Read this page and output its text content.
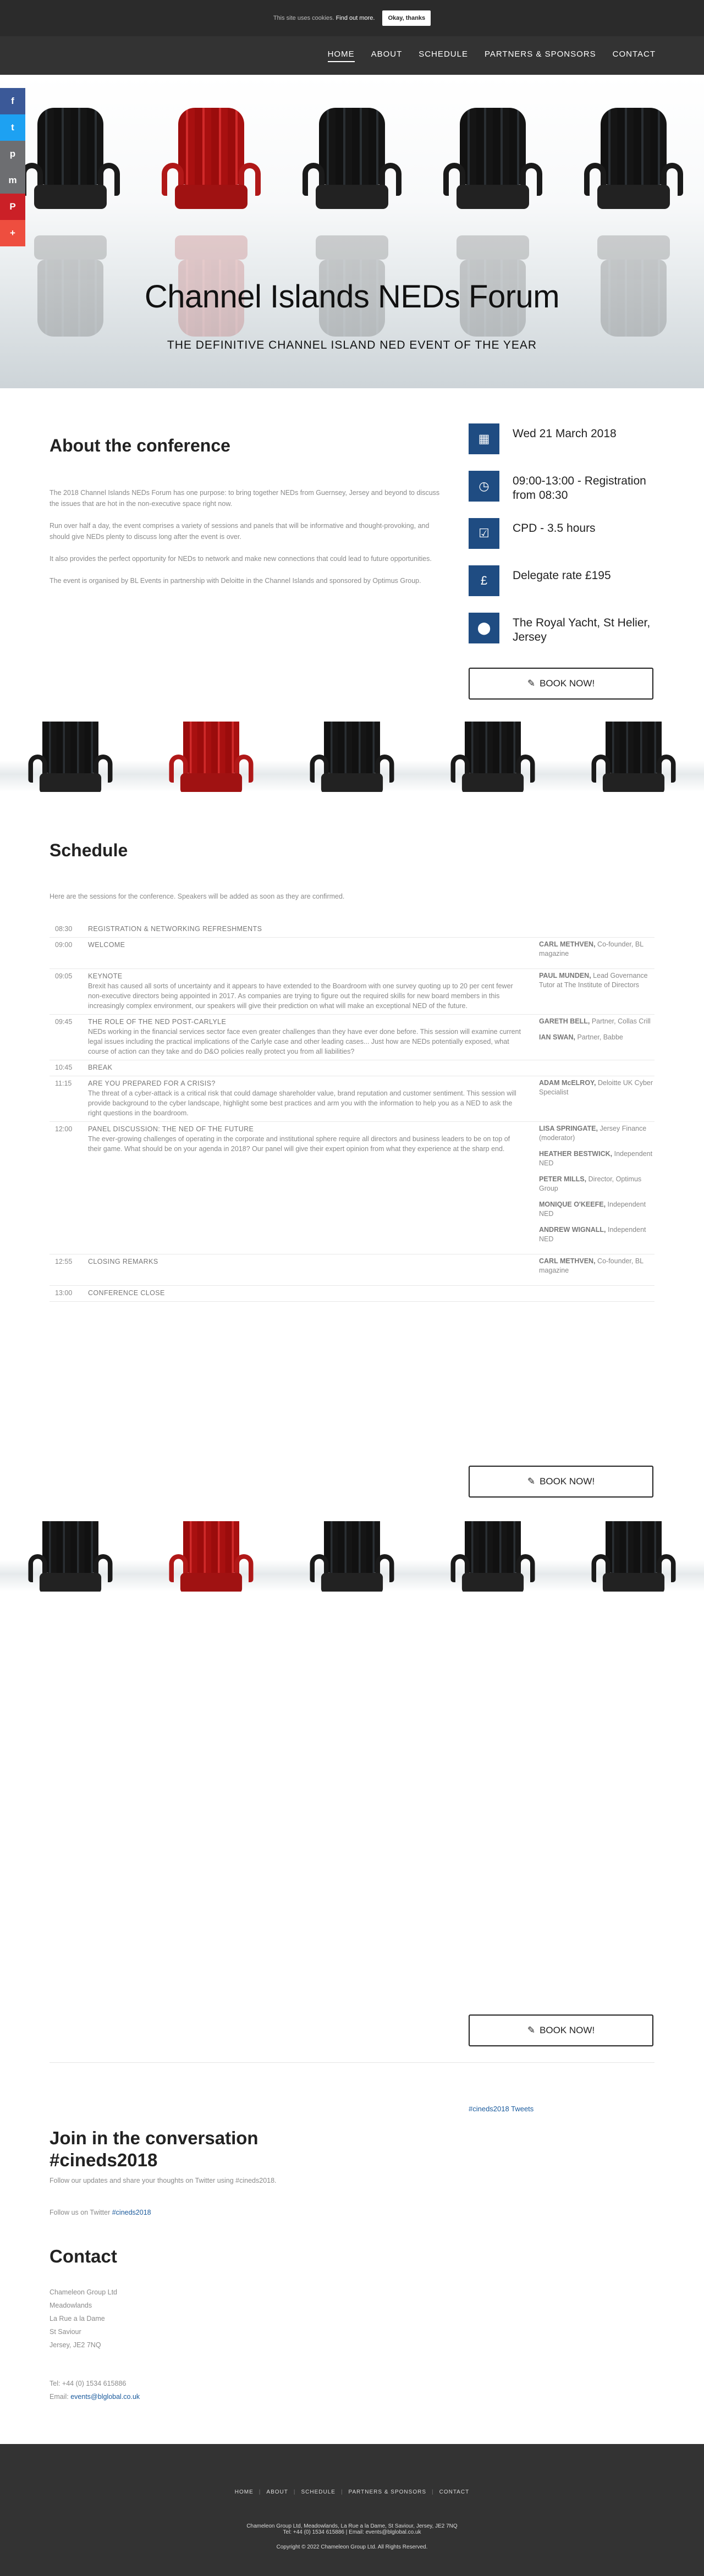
This site uses cookies. Find out more.	Okay, thanks
HOME ABOUT SCHEDULE PARTNERS & SPONSORS CONTACT
Channel Islands NEDs Forum
THE DEFINITIVE CHANNEL ISLAND NED EVENT OF THE YEAR
f
t
p
m
P
+
About the conference

The 2018 Channel Islands NEDs Forum has one purpose: to bring together NEDs from Guernsey, Jersey and beyond to discuss the issues that are hot in the non-executive space right now.

Run over half a day, the event comprises a variety of sessions and panels that will be informative and thought-provoking, and should give NEDs plenty to discuss long after the event is over.

It also provides the perfect opportunity for NEDs to network and make new connections that could lead to future opportunities.

The event is organised by BL Events in partnership with Deloitte in the Channel Islands and sponsored by Optimus Group.

▦	Wed 21 March 2018
◷	09:00-13:00 - Registration from 08:30
☑	CPD - 3.5 hours
£	Delegate rate £195
⬤	The Royal Yacht, St Helier, Jersey
✎ BOOK NOW!
Schedule
Here are the sessions for the conference. Speakers will be added as soon as they are confirmed.
08:30	REGISTRATION & NETWORKING REFRESHMENTS
09:00	WELCOME	CARL METHVEN, Co-founder, BL magazine
09:05	KEYNOTE
Brexit has caused all sorts of uncertainty and it appears to have extended to the Boardroom with one survey quoting up to 20 per cent fewer non-executive directors being appointed in 2017. As companies are trying to figure out the required skills for new board members in this increasingly complex environment, our speakers will give their prediction on what will make an exceptional NED of the future.
PAUL MUNDEN, Lead Governance Tutor at The Institute of Directors
09:45	THE ROLE OF THE NED POST-CARLYLE
NEDs working in the financial services sector face even greater challenges than they have ever done before. This session will examine current legal issues including the practical implications of the Carlyle case and other leading cases... Just how are NEDs potentially exposed, what course of action can they take and do D&O policies really protect you from all liabilities?
GARETH BELL, Partner, Collas Crill
IAN SWAN, Partner, Babbe
10:45	BREAK
11:15	ARE YOU PREPARED FOR A CRISIS?
The threat of a cyber-attack is a critical risk that could damage shareholder value, brand reputation and customer sentiment. This session will provide background to the cyber landscape, highlight some best practices and arm you with the information to help you as a NED to ask the right questions in the boardroom.
ADAM McELROY, Deloitte UK Cyber Specialist
12:00	PANEL DISCUSSION: THE NED OF THE FUTURE
The ever-growing challenges of operating in the corporate and institutional sphere require all directors and business leaders to be on top of their game. What should be on your agenda in 2018? Our panel will give their expert opinion from what they experience at the sharp end.
LISA SPRINGATE, Jersey Finance (moderator)
HEATHER BESTWICK, Independent NED
PETER MILLS, Director, Optimus Group
MONIQUE O'KEEFE, Independent NED
ANDREW WIGNALL, Independent NED
12:55	CLOSING REMARKS	CARL METHVEN, Co-founder, BL magazine
13:00	CONFERENCE CLOSE
✎ BOOK NOW!
✎ BOOK NOW!
#cineds2018 Tweets
Join in the conversation #cineds2018
Follow our updates and share your thoughts on Twitter using #cineds2018.
Follow us on Twitter #cineds2018
Contact
Chameleon Group Ltd
Meadowlands
La Rue a la Dame
St Saviour
Jersey, JE2 7NQ
Tel: +44 (0) 1534 615886
Email: events@blglobal.co.uk
HOME | ABOUT | SCHEDULE | PARTNERS & SPONSORS | CONTACT
Chameleon Group Ltd, Meadowlands, La Rue a la Dame, St Saviour, Jersey, JE2 7NQ
Tel: +44 (0) 1534 615886 | Email: events@blglobal.co.uk
Copyright © 2022 Chameleon Group Ltd. All Rights Reserved.
